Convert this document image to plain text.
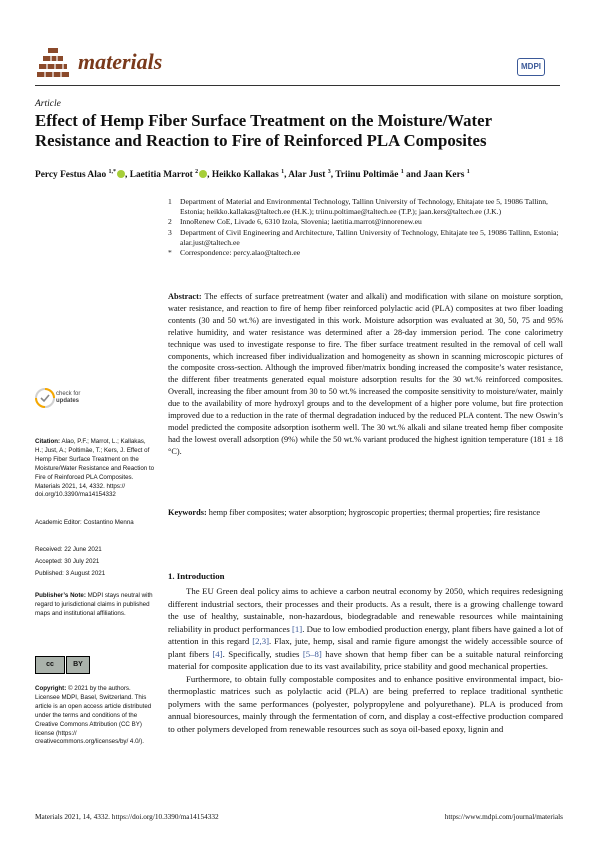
materials	MDPI
Article
Effect of Hemp Fiber Surface Treatment on the Moisture/Water Resistance and Reaction to Fire of Reinforced PLA Composites
Percy Festus Alao $^{1,*}$ , Laetitia Marrot $^2$ , Heikko Kallakas $^1$, Alar Just $^3$, Triinu Poltimäe $^1$ and Jaan Kers $^1$
1	Department of Material and Environmental Technology, Tallinn University of Technology, Ehitajate tee 5, 19086 Tallinn, Estonia; heikko.kallakas@taltech.ee (H.K.); triinu.poltimae@taltech.ee (T.P.); jaan.kers@taltech.ee (J.K.)
2	InnoRenew CoE, Livade 6, 6310 Izola, Slovenia; laetitia.marrot@innorenew.eu
3	Department of Civil Engineering and Architecture, Tallinn University of Technology, Ehitajate tee 5, 19086 Tallinn, Estonia; alar.just@taltech.ee
*	Correspondence: percy.alao@taltech.ee
Abstract: The effects of surface pretreatment (water and alkali) and modification with silane on moisture sorption, water resistance, and reaction to fire of hemp fiber reinforced polylactic acid (PLA) composites at two fiber loading contents (30 and 50 wt.%) are investigated in this work. Moisture adsorption was evaluated at 30, 50, 75 and 95% relative humidity, and water resistance was determined after a 28-day immersion period. The cone calorimetry technique was used to investigate response to fire. The fiber surface treatment resulted in the removal of cell wall components, which increased fiber individualization and homogeneity as shown in scanning microscopic pictures of the composite cross-section. Although the improved fiber/matrix bonding increased the composite’s water resistance, the different fiber treatments generated equal moisture adsorption results for the 30 wt.% reinforced composites. Overall, increasing the fiber amount from 30 to 50 wt.% increased the composite sensitivity to moisture/water, mainly due to the availability of more hydroxyl groups and to the development of a higher pore volume, but fire protection improved due to a reduction in the rate of thermal degradation induced by the reduced PLA content. The new Oswin’s model predicted the composite adsorption isotherm well. The 30 wt.% alkali and silane treated hemp fiber composite had the lowest overall adsorption (9%) while the 50 wt.% variant produced the highest ignition temperature (181 ± 18 °C).
Keywords: hemp fiber composites; water absorption; hygroscopic properties; thermal properties; fire resistance
check for
updates
Citation: Alao, P.F.; Marrot, L.; Kallakas, H.; Just, A.; Poltimäe, T.; Kers, J. Effect of Hemp Fiber Surface Treatment on the Moisture/Water Resistance and Reaction to Fire of Reinforced PLA Composites. Materials 2021, 14, 4332. https:// doi.org/10.3390/ma14154332
Academic Editor: Costantino Menna
Received: 22 June 2021
Accepted: 30 July 2021
Published: 3 August 2021
Publisher’s Note: MDPI stays neutral with regard to jurisdictional claims in published maps and institutional affiliations.
cc	BY
Copyright: © 2021 by the authors. Licensee MDPI, Basel, Switzerland. This article is an open access article distributed under the terms and conditions of the Creative Commons Attribution (CC BY) license (https:// creativecommons.org/licenses/by/ 4.0/).
1. Introduction

The EU Green deal policy aims to achieve a carbon neutral economy by 2050, which requires redesigning different industrial sectors, their processes and their products. As a result, there is a growing challenge toward the use of healthy, sustainable, non-hazardous, biodegradable and renewable resources while maintaining reliability in product performances [1]. Due to low embodied production energy, plant fibers have gained a lot of attention in this regard [2,3]. Flax, jute, hemp, sisal and ramie figure amongst the widely accessible source of plant fibers [4]. Specifically, studies [5–8] have shown that hemp fiber can be a suitable natural reinforcing material for composite application due to its vast availability, price stability and good mechanical properties.

Furthermore, to obtain fully compostable composites and to enhance positive environmental impact, bio-thermoplastic matrices such as polylactic acid (PLA) are being preferred to replace traditional synthetic polymers with the same performances (polyester, polypropylene and polyurethane). PLA is produced from annual bioresources, mainly through the fermentation of corn, and display a cost-effective production compared to other polymers developed from renewable resources such as soya oil-based epoxy, lignin and

Materials 2021, 14, 4332. https://doi.org/10.3390/ma14154332	https://www.mdpi.com/journal/materials
